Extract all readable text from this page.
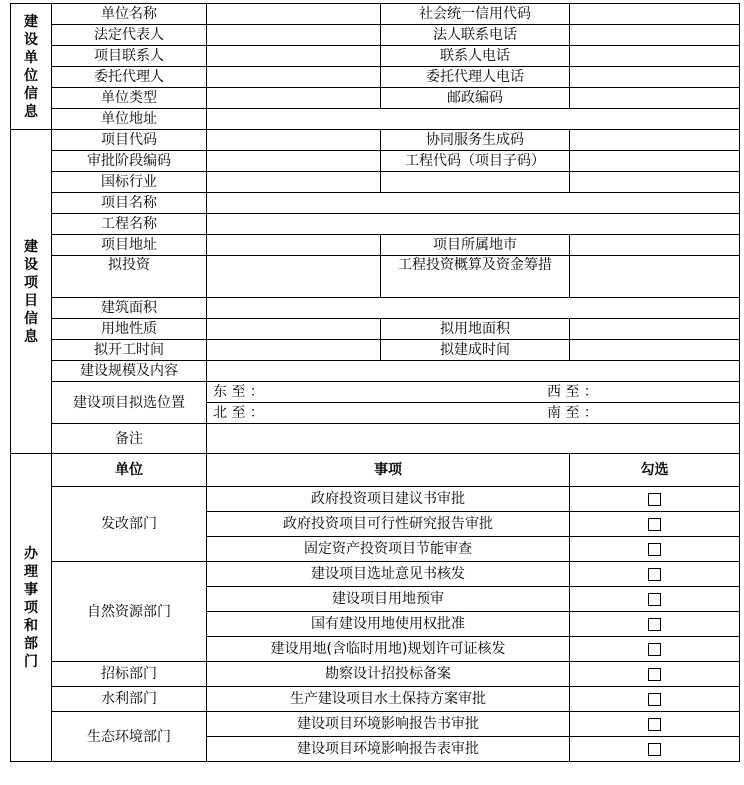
建设单位信息	单位名称		社会统一信用代码	
	法定代表人		法人联系电话	
	项目联系人		联系人电话	
	委托代理人		委托代理人电话	
	单位类型		邮政编码	
	单位地址			
建设项目信息	项目代码		协同服务生成码	
	审批阶段编码		工程代码（项目子码）	
	国标行业			
	项目名称			
	工程名称			
	项目地址		项目所属地市	
	拟投资		工程投资概算及资金筹措	
	建筑面积			
	用地性质		拟用地面积	
	拟开工时间		拟建成时间	
	建设规模及内容			
	建设项目拟选位置	东 至 ： 西 至 ：		
		北 至 ： 南 至 ：		
	备注			
办理事项和部门	单位	事项		勾选
	发改部门	政府投资项目建议书审批		
		政府投资项目可行性研究报告审批		
		固定资产投资项目节能审查		
	自然资源部门	建设项目选址意见书核发		
		建设项目用地预审		
		国有建设用地使用权批准		
		建设用地(含临时用地)规划许可证核发		
	招标部门	勘察设计招投标备案		
	水利部门	生产建设项目水土保持方案审批		
	生态环境部门	建设项目环境影响报告书审批		
		建设项目环境影响报告表审批		
